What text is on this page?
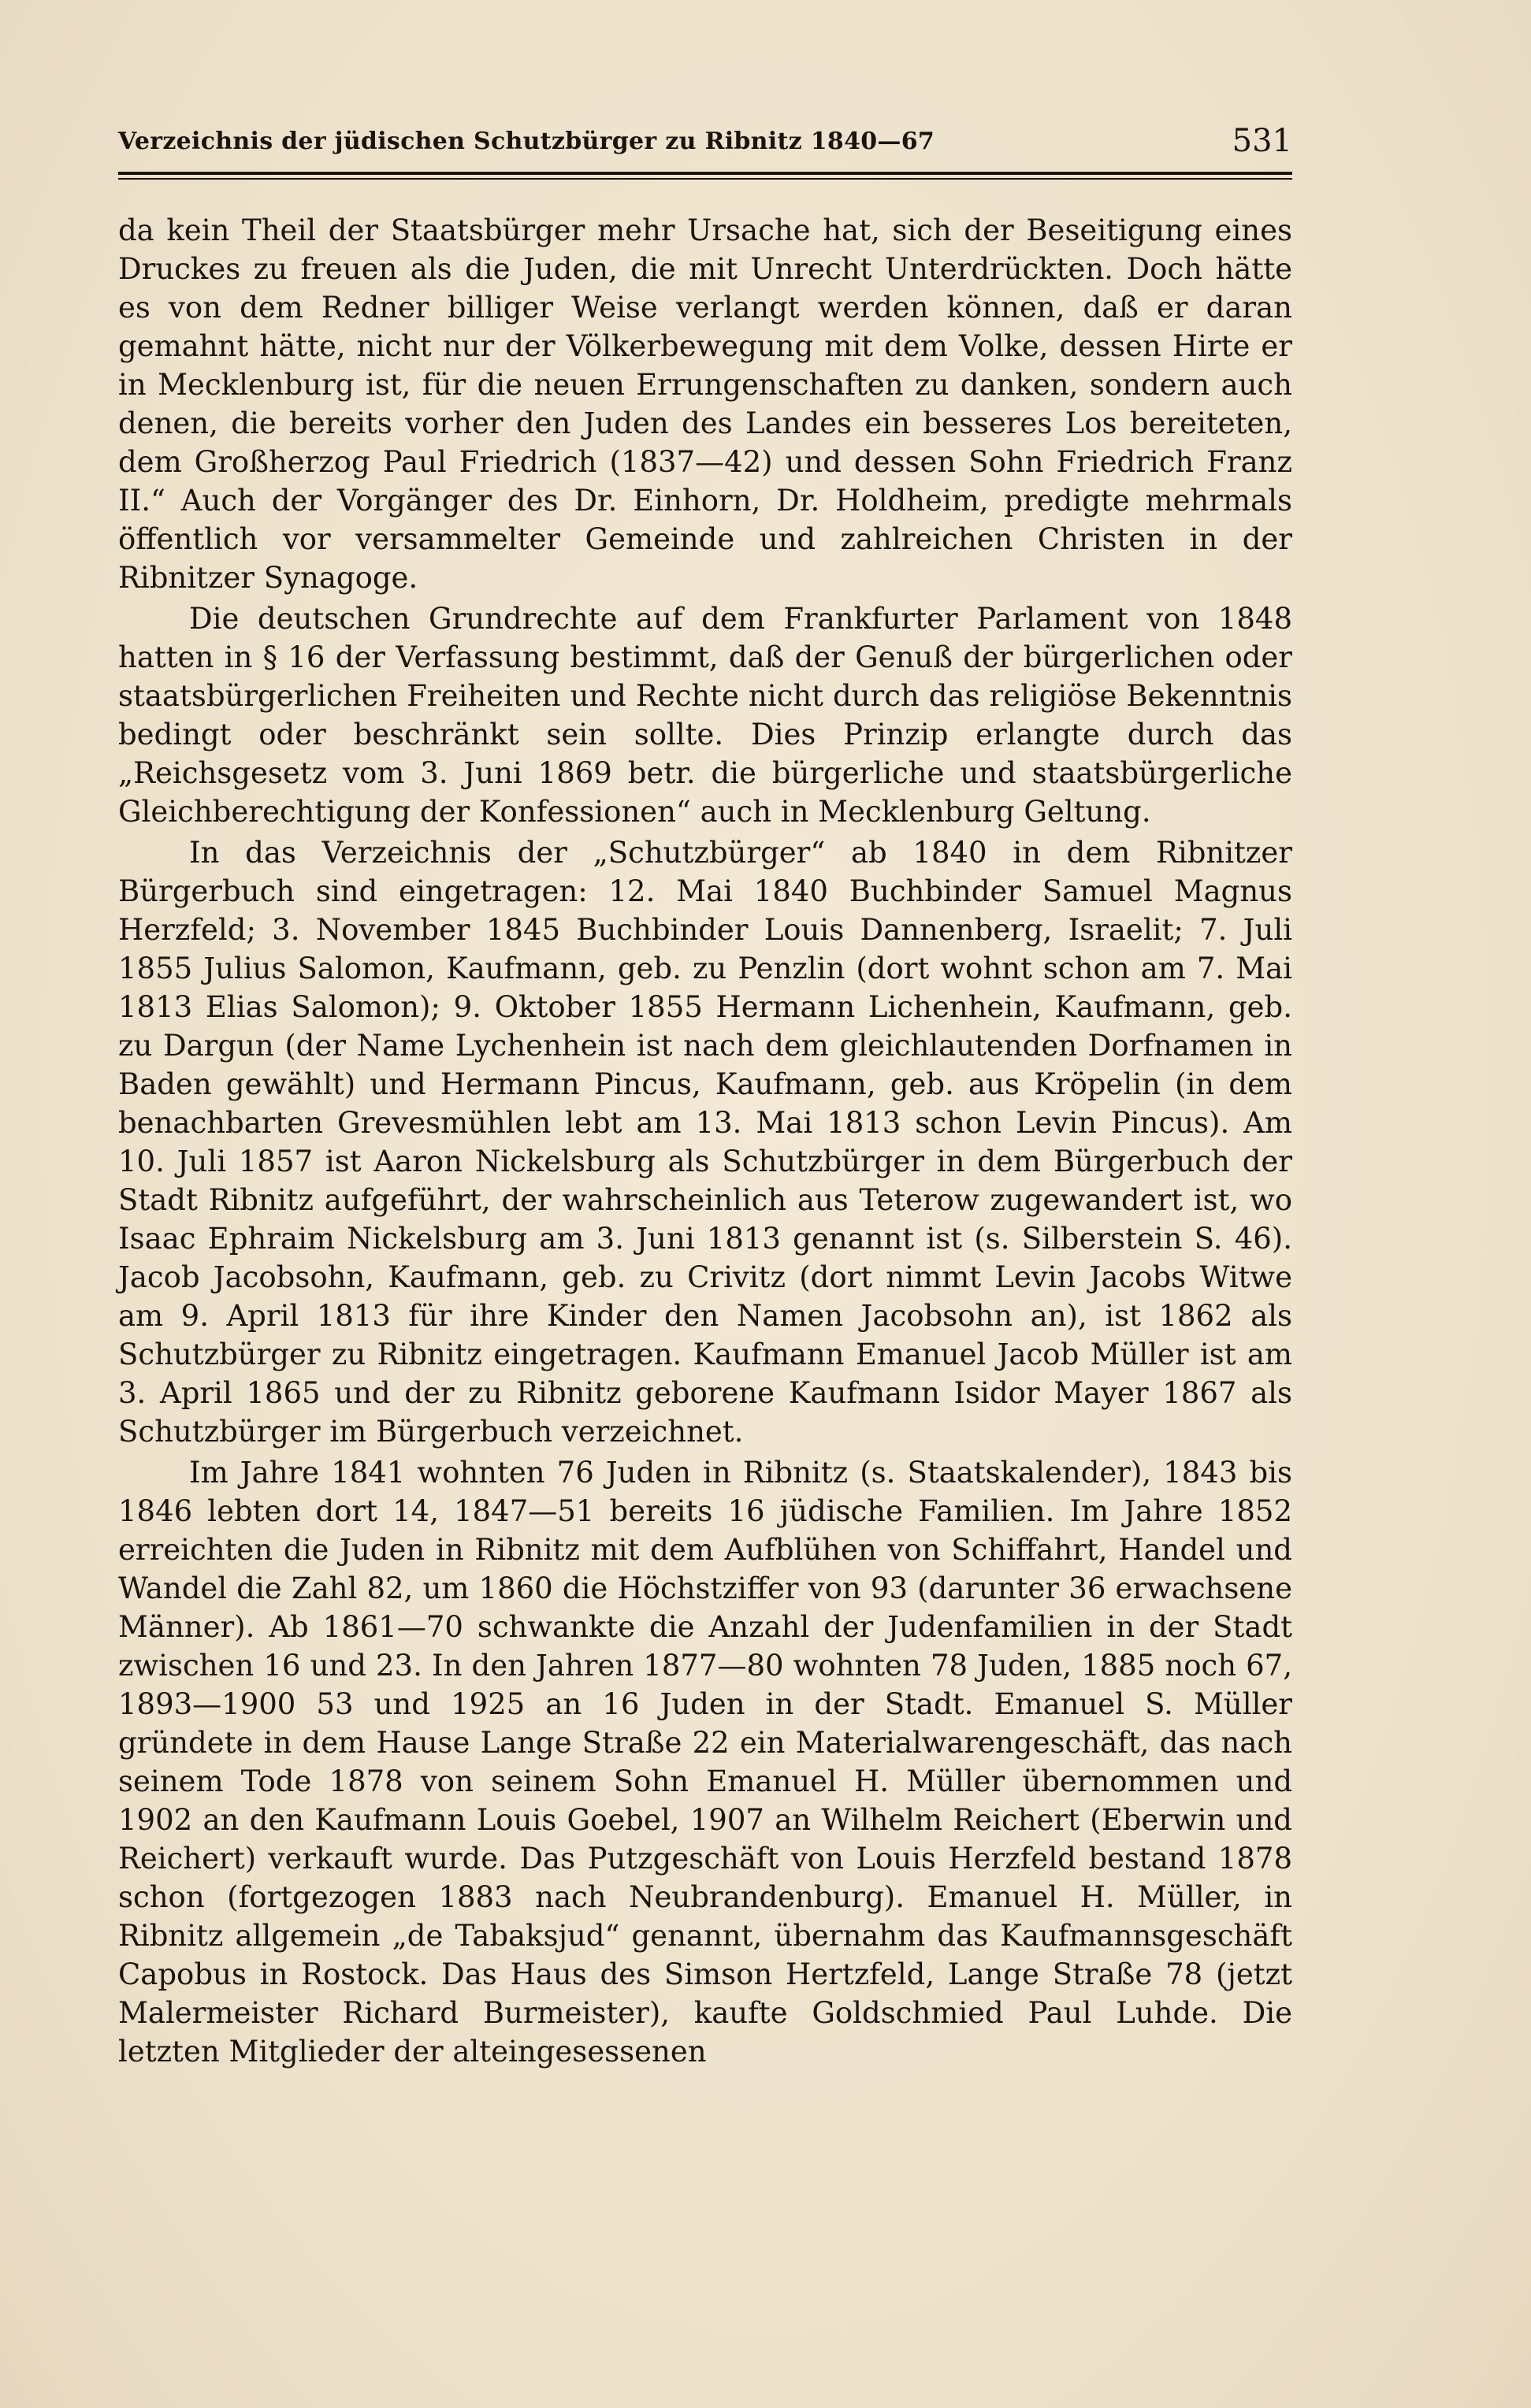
Verzeichnis der jüdischen Schutzbürger zu Ribnitz 1840—67	531

da kein Theil der Staatsbürger mehr Ursache hat, sich der Beseitigung eines Druckes zu freuen als die Juden, die mit Unrecht Unterdrückten. Doch hätte es von dem Redner billiger Weise verlangt werden können, daß er daran gemahnt hätte, nicht nur der Völkerbewegung mit dem Volke, dessen Hirte er in Mecklenburg ist, für die neuen Errungenschaften zu danken, sondern auch denen, die bereits vorher den Juden des Landes ein besseres Los bereiteten, dem Großherzog Paul Friedrich (1837—42) und dessen Sohn Friedrich Franz II.“ Auch der Vorgänger des Dr. Einhorn, Dr. Holdheim, predigte mehrmals öffentlich vor versammelter Gemeinde und zahlreichen Christen in der Ribnitzer Synagoge.

Die deutschen Grundrechte auf dem Frankfurter Parlament von 1848 hatten in § 16 der Verfassung bestimmt, daß der Genuß der bürgerlichen oder staatsbürgerlichen Freiheiten und Rechte nicht durch das religiöse Bekenntnis bedingt oder beschränkt sein sollte. Dies Prinzip erlangte durch das „Reichsgesetz vom 3. Juni 1869 betr. die bürgerliche und staatsbürgerliche Gleichberechtigung der Konfessionen“ auch in Mecklenburg Geltung.

In das Verzeichnis der „Schutzbürger“ ab 1840 in dem Ribnitzer Bürgerbuch sind eingetragen: 12. Mai 1840 Buchbinder Samuel Magnus Herzfeld; 3. November 1845 Buchbinder Louis Dannenberg, Israelit; 7. Juli 1855 Julius Salomon, Kaufmann, geb. zu Penzlin (dort wohnt schon am 7. Mai 1813 Elias Salomon); 9. Oktober 1855 Hermann Lichenhein, Kaufmann, geb. zu Dargun (der Name Lychenhein ist nach dem gleichlautenden Dorfnamen in Baden gewählt) und Hermann Pincus, Kaufmann, geb. aus Kröpelin (in dem benachbarten Grevesmühlen lebt am 13. Mai 1813 schon Levin Pincus). Am 10. Juli 1857 ist Aaron Nickelsburg als Schutzbürger in dem Bürgerbuch der Stadt Ribnitz aufgeführt, der wahrscheinlich aus Teterow zugewandert ist, wo Isaac Ephraim Nickelsburg am 3. Juni 1813 genannt ist (s. Silberstein S. 46). Jacob Jacobsohn, Kaufmann, geb. zu Crivitz (dort nimmt Levin Jacobs Witwe am 9. April 1813 für ihre Kinder den Namen Jacobsohn an), ist 1862 als Schutzbürger zu Ribnitz eingetragen. Kaufmann Emanuel Jacob Müller ist am 3. April 1865 und der zu Ribnitz geborene Kaufmann Isidor Mayer 1867 als Schutzbürger im Bürgerbuch verzeichnet.

Im Jahre 1841 wohnten 76 Juden in Ribnitz (s. Staatskalender), 1843 bis 1846 lebten dort 14, 1847—51 bereits 16 jüdische Familien. Im Jahre 1852 erreichten die Juden in Ribnitz mit dem Aufblühen von Schiffahrt, Handel und Wandel die Zahl 82, um 1860 die Höchstziffer von 93 (darunter 36 erwachsene Männer). Ab 1861—70 schwankte die Anzahl der Judenfamilien in der Stadt zwischen 16 und 23. In den Jahren 1877—80 wohnten 78 Juden, 1885 noch 67, 1893—1900 53 und 1925 an 16 Juden in der Stadt. Emanuel S. Müller gründete in dem Hause Lange Straße 22 ein Materialwarengeschäft, das nach seinem Tode 1878 von seinem Sohn Emanuel H. Müller übernommen und 1902 an den Kaufmann Louis Goebel, 1907 an Wilhelm Reichert (Eberwin und Reichert) verkauft wurde. Das Putzgeschäft von Louis Herzfeld bestand 1878 schon (fortgezogen 1883 nach Neubrandenburg). Emanuel H. Müller, in Ribnitz allgemein „de Tabaksjud“ genannt, übernahm das Kaufmannsgeschäft Capobus in Rostock. Das Haus des Simson Hertzfeld, Lange Straße 78 (jetzt Malermeister Richard Burmeister), kaufte Goldschmied Paul Luhde. Die letzten Mitglieder der alteingesessenen
